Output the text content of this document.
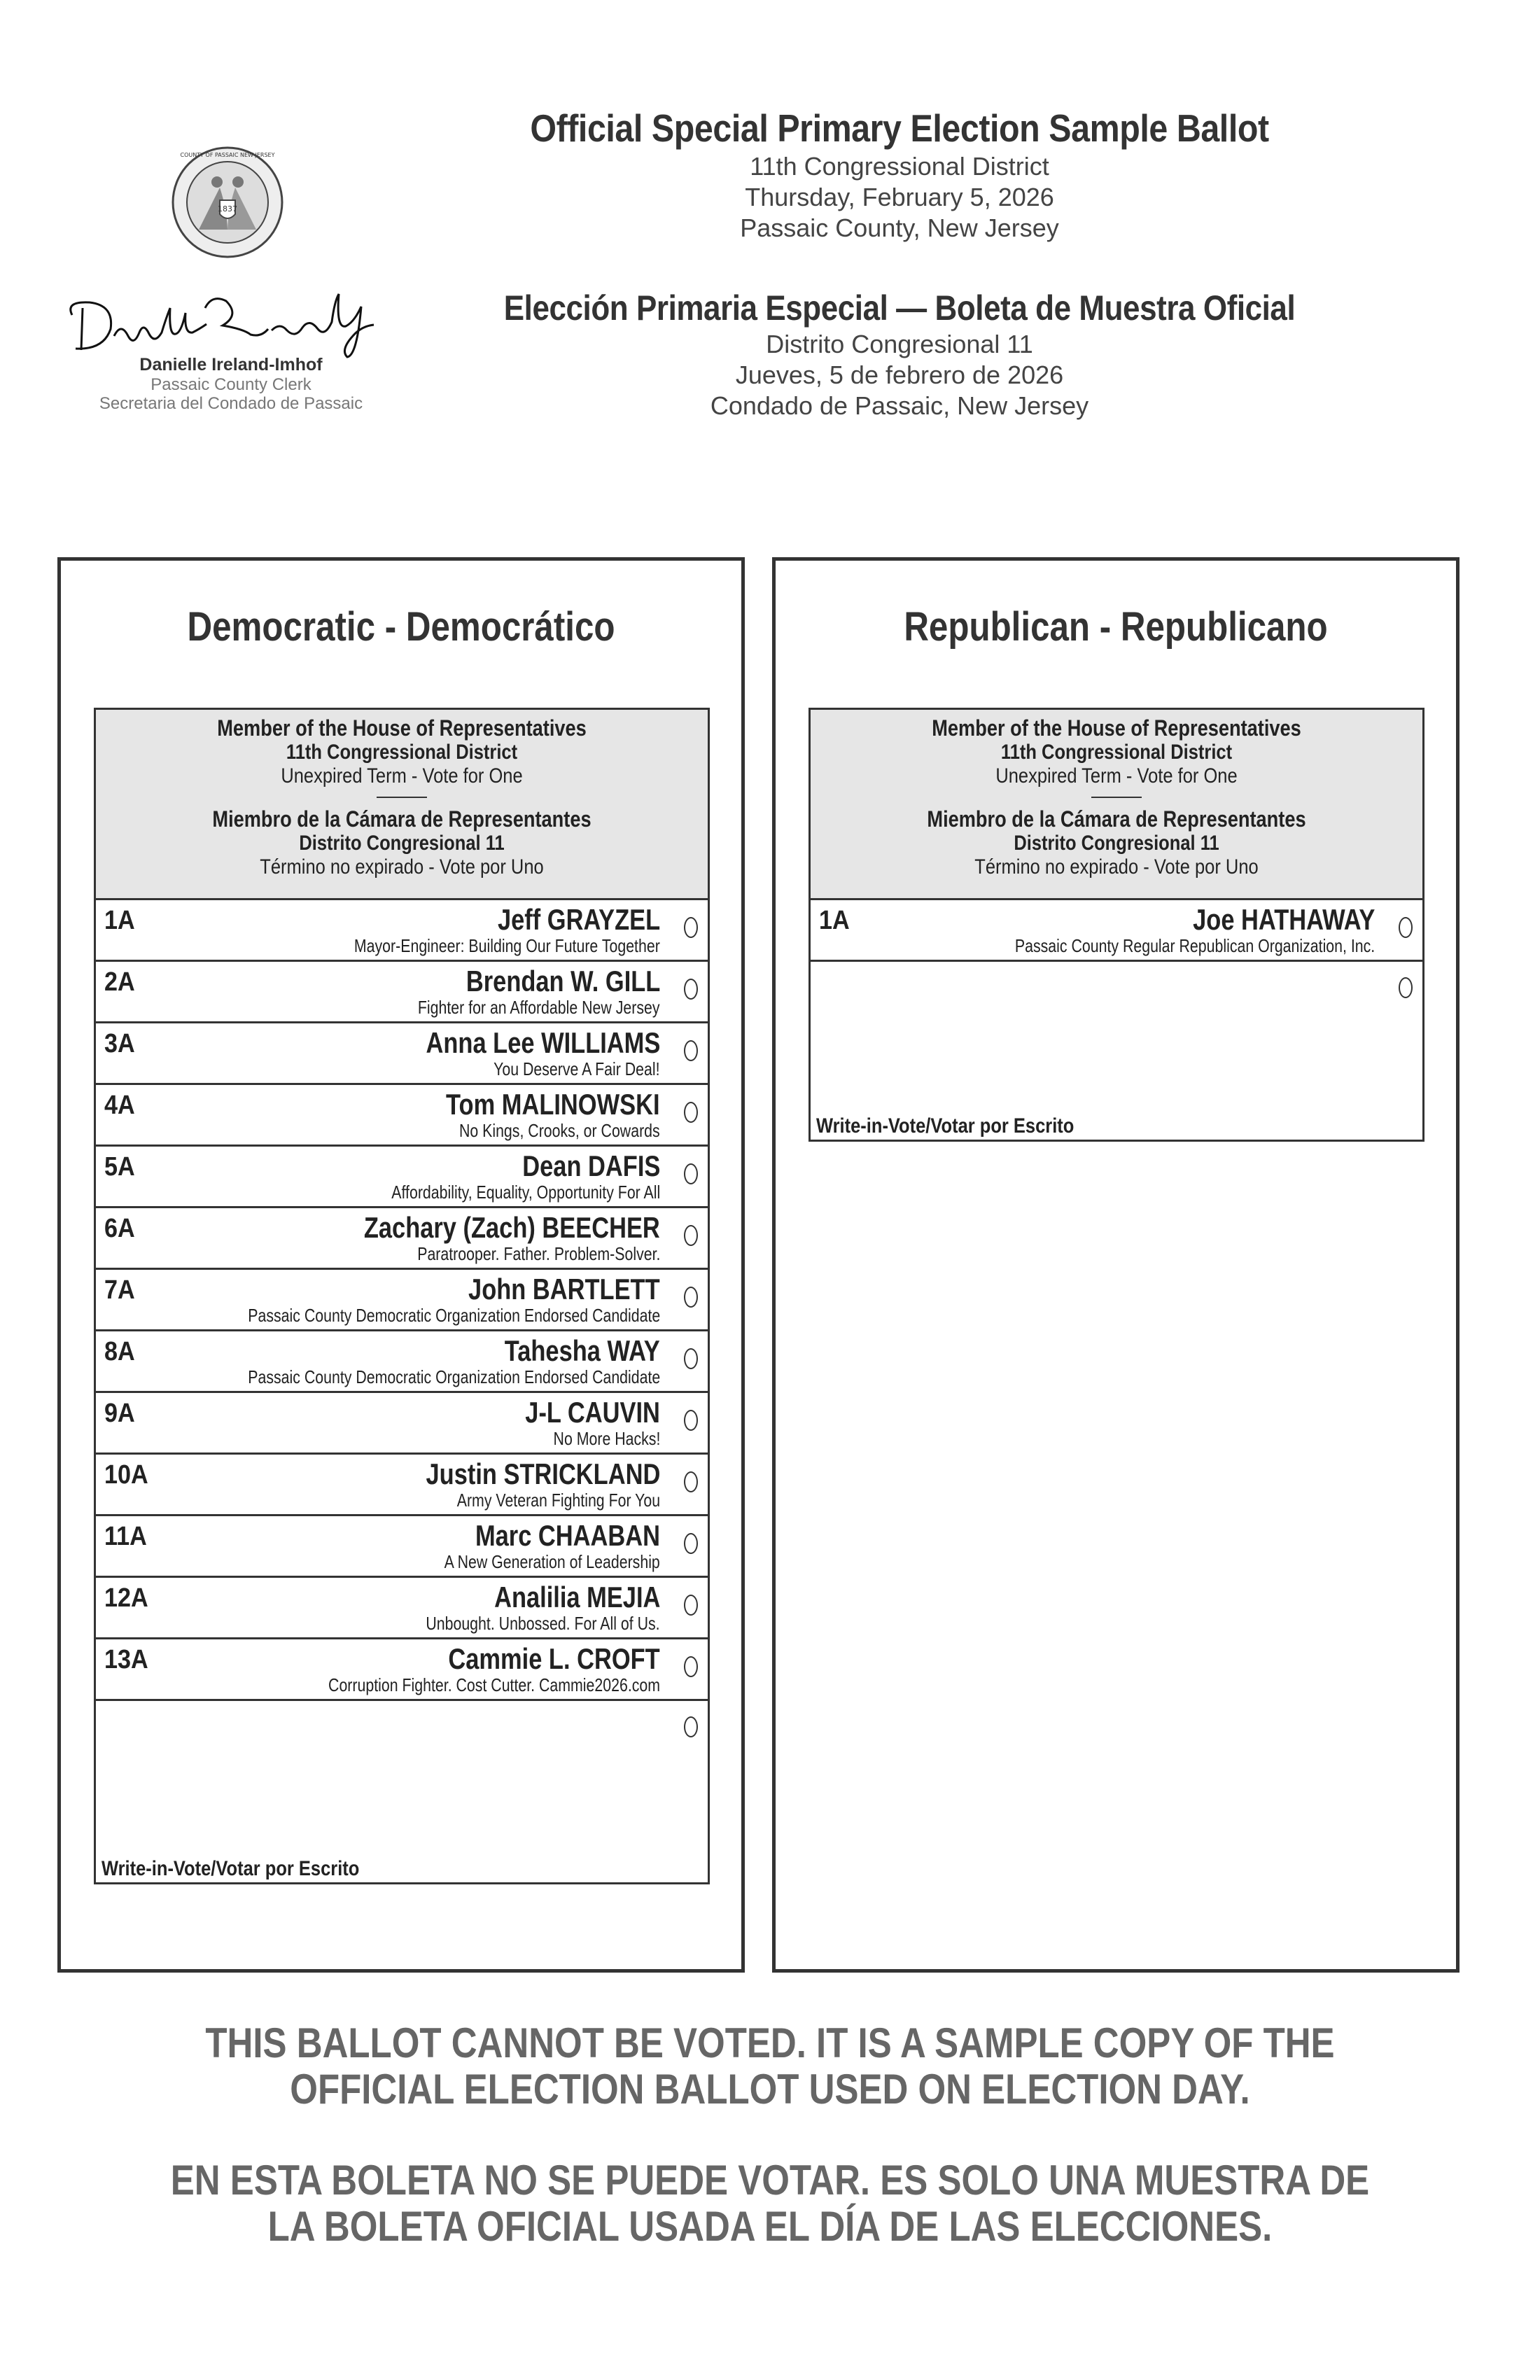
1837
COUNTY OF PASSAIC NEW JERSEY
Danielle Ireland-Imhof
Passaic County Clerk
Secretaria del Condado de Passaic
Official Special Primary Election Sample Ballot
11th Congressional District
Thursday, February 5, 2026
Passaic County, New Jersey
Elección Primaria Especial — Boleta de Muestra Oficial
Distrito Congresional 11
Jueves, 5 de febrero de 2026
Condado de Passaic, New Jersey
Democratic - Democrático
Member of the House of Representatives
11th Congressional District
Unexpired Term - Vote for One
Miembro de la Cámara de Representantes
Distrito Congresional 11
Término no expirado - Vote por Uno
1A	Jeff GRAYZEL
Mayor-Engineer: Building Our Future Together
2A	Brendan W. GILL
Fighter for an Affordable New Jersey
3A	Anna Lee WILLIAMS
You Deserve A Fair Deal!
4A	Tom MALINOWSKI
No Kings, Crooks, or Cowards
5A	Dean DAFIS
Affordability, Equality, Opportunity For All
6A	Zachary (Zach) BEECHER
Paratrooper. Father. Problem-Solver.
7A	John BARTLETT
Passaic County Democratic Organization Endorsed Candidate
8A	Tahesha WAY
Passaic County Democratic Organization Endorsed Candidate
9A	J-L CAUVIN
No More Hacks!
10A	Justin STRICKLAND
Army Veteran Fighting For You
11A	Marc CHAABAN
A New Generation of Leadership
12A	Analilia MEJIA
Unbought. Unbossed. For All of Us.
13A	Cammie L. CROFT
Corruption Fighter. Cost Cutter. Cammie2026.com
Write-in-Vote/Votar por Escrito
Republican - Republicano
Member of the House of Representatives
11th Congressional District
Unexpired Term - Vote for One
Miembro de la Cámara de Representantes
Distrito Congresional 11
Término no expirado - Vote por Uno
1A	Joe HATHAWAY
Passaic County Regular Republican Organization, Inc.
Write-in-Vote/Votar por Escrito
THIS BALLOT CANNOT BE VOTED. IT IS A SAMPLE COPY OF THE OFFICIAL ELECTION BALLOT USED ON ELECTION DAY.
EN ESTA BOLETA NO SE PUEDE VOTAR. ES SOLO UNA MUESTRA DE LA BOLETA OFICIAL USADA EL DÍA DE LAS ELECCIONES.
